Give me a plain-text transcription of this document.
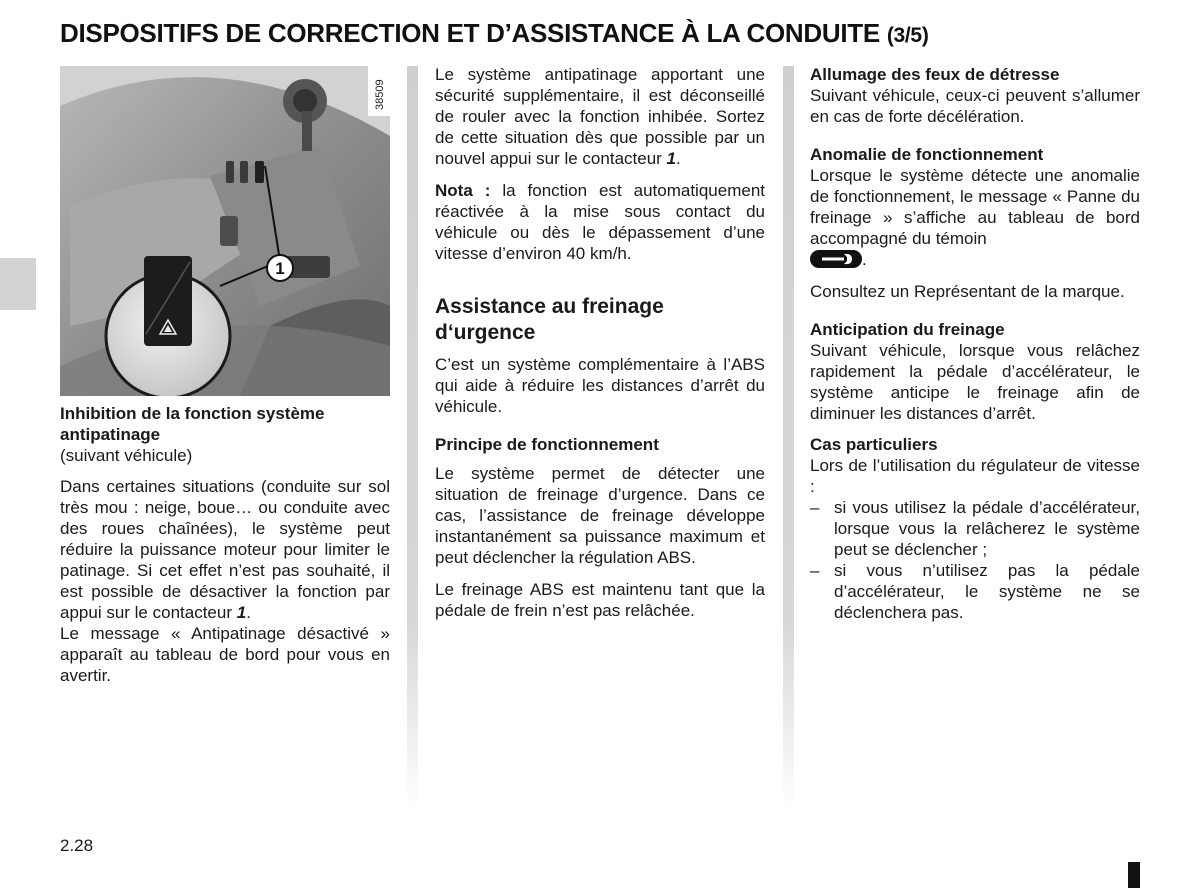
DISPOSITIFS DE CORRECTION ET D’ASSISTANCE À LA CONDUITE (3/5)
1
38509
Inhibition de la fonction système
antipatinage
(suivant véhicule)

Dans certaines situations (conduite sur sol très mou : neige, boue… ou conduite avec des roues chaînées), le système peut réduire la puissance moteur pour limiter le patinage. Si cet effet n’est pas souhaité, il est possible de désactiver la fonction par appui sur le contacteur 1.

Le message « Antipatinage désactivé » apparaît au tableau de bord pour vous en avertir.

Le système antipatinage apportant une sécurité supplémentaire, il est déconseillé de rouler avec la fonction inhibée. Sortez de cette situation dès que possible par un nouvel appui sur le contacteur 1.

Nota : la fonction est automatiquement réactivée à la mise sous contact du véhicule ou dès le dépassement d’une vitesse d’environ 40 km/h.

Assistance au freinage
d‘urgence

C’est un système complémentaire à l’ABS qui aide à réduire les distances d’arrêt du véhicule.

Principe de fonctionnement

Le système permet de détecter une situation de freinage d’urgence. Dans ce cas, l’assistance de freinage développe instantanément sa puissance maximum et peut déclencher la régulation ABS.

Le freinage ABS est maintenu tant que la pédale de frein n’est pas relâchée.

Allumage des feux de détresse
Suivant véhicule, ceux-ci peuvent s’allumer en cas de forte décélération.
Anomalie de fonctionnement
Lorsque le système détecte une anomalie de fonctionnement, le message « Panne du freinage » s’affiche au tableau de bord accompagné du témoin
.

Consultez un Représentant de la marque.

Anticipation du freinage
Suivant véhicule, lorsque vous relâchez rapidement la pédale d’accélérateur, le système anticipe le freinage afin de diminuer les distances d’arrêt.
Cas particuliers
Lors de l’utilisation du régulateur de vitesse :
– si vous utilisez la pédale d’accélérateur, lorsque vous la relâcherez le système peut se déclencher ;
– si vous n’utilisez pas la pédale d’accélérateur, le système ne se déclenchera pas.
2.28
